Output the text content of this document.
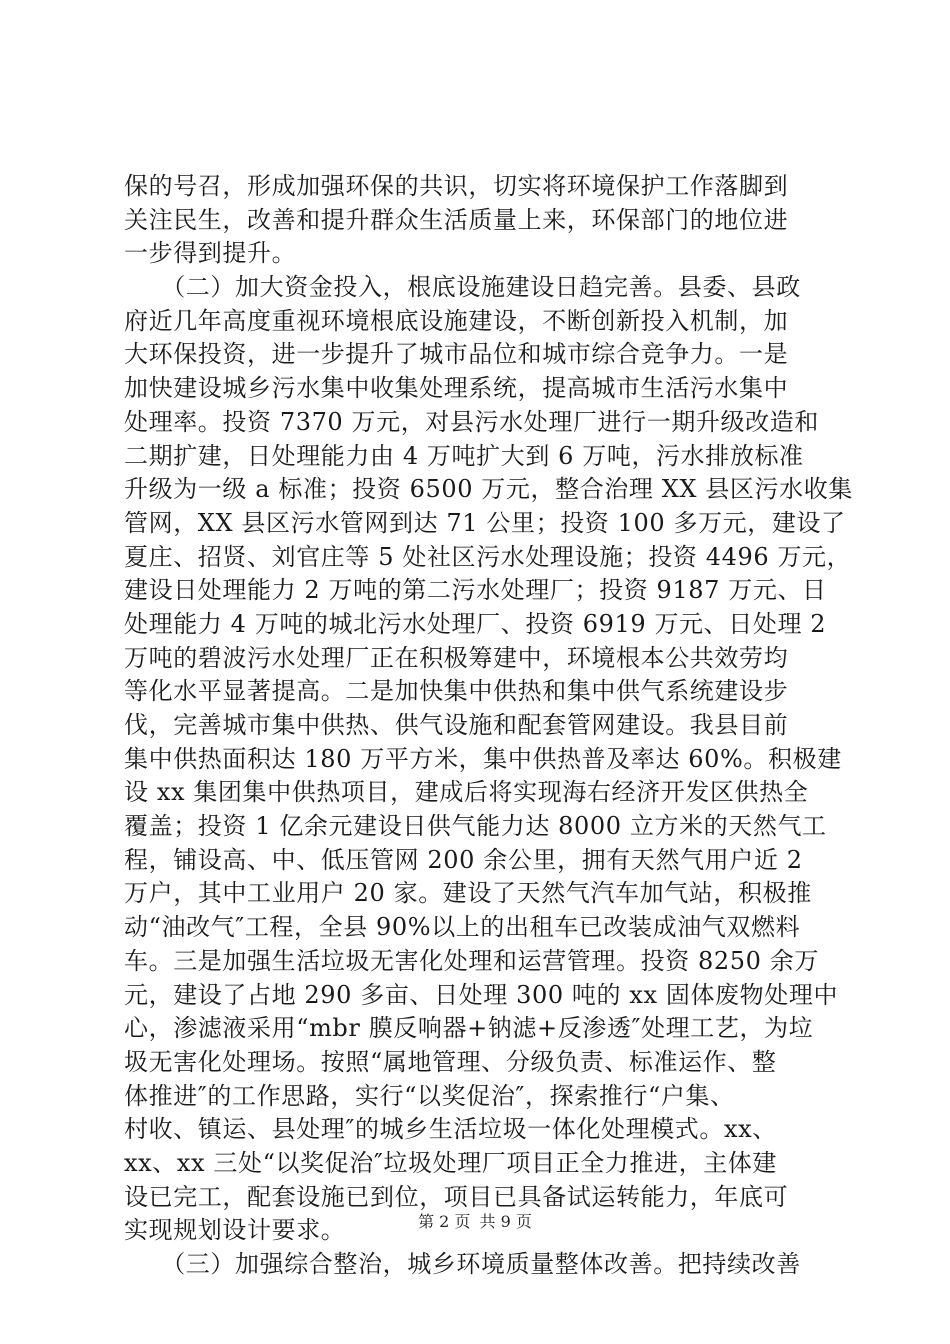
保的号召，形成加强环保的共识，切实将环境保护工作落脚到
关注民生，改善和提升群众生活质量上来，环保部门的地位进
一步得到提升。
　　（二）加大资金投入，根底设施建设日趋完善。县委、县政
府近几年高度重视环境根底设施建设，不断创新投入机制，加
大环保投资，进一步提升了城市品位和城市综合竞争力。一是
加快建设城乡污水集中收集处理系统，提高城市生活污水集中
处理率。投资 7370 万元，对县污水处理厂进行一期升级改造和
二期扩建，日处理能力由 4 万吨扩大到 6 万吨，污水排放标准
升级为一级 a 标准；投资 6500 万元，整合治理 XX 县区污水收集
管网，XX 县区污水管网到达 71 公里；投资 100 多万元，建设了
夏庄、招贤、刘官庄等 5 处社区污水处理设施；投资 4496 万元，
建设日处理能力 2 万吨的第二污水处理厂；投资 9187 万元、日
处理能力 4 万吨的城北污水处理厂、投资 6919 万元、日处理 2
万吨的碧波污水处理厂正在积极筹建中，环境根本公共效劳均
等化水平显著提高。二是加快集中供热和集中供气系统建设步
伐，完善城市集中供热、供气设施和配套管网建设。我县目前
集中供热面积达 180 万平方米，集中供热普及率达 60%。积极建
设 xx 集团集中供热项目，建成后将实现海右经济开发区供热全
覆盖；投资 1 亿余元建设日供气能力达 8000 立方米的天然气工
程，铺设高、中、低压管网 200 余公里，拥有天然气用户近 2
万户，其中工业用户 20 家。建设了天然气汽车加气站，积极推
动“油改气″工程，全县 90%以上的出租车已改装成油气双燃料
车。三是加强生活垃圾无害化处理和运营管理。投资 8250 余万
元，建设了占地 290 多亩、日处理 300 吨的 xx 固体废物处理中
心，渗滤液采用“mbr 膜反响器+钠滤+反渗透″处理工艺，为垃
圾无害化处理场。按照“属地管理、分级负责、标准运作、整
体推进″的工作思路，实行“以奖促治″，探索推行“户集、
村收、镇运、县处理″的城乡生活垃圾一体化处理模式。xx、
xx、xx 三处“以奖促治″垃圾处理厂项目正全力推进，主体建
设已完工，配套设施已到位，项目已具备试运转能力，年底可
实现规划设计要求。
　　（三）加强综合整治，城乡环境质量整体改善。把持续改善
第 2 页 共 9 页
